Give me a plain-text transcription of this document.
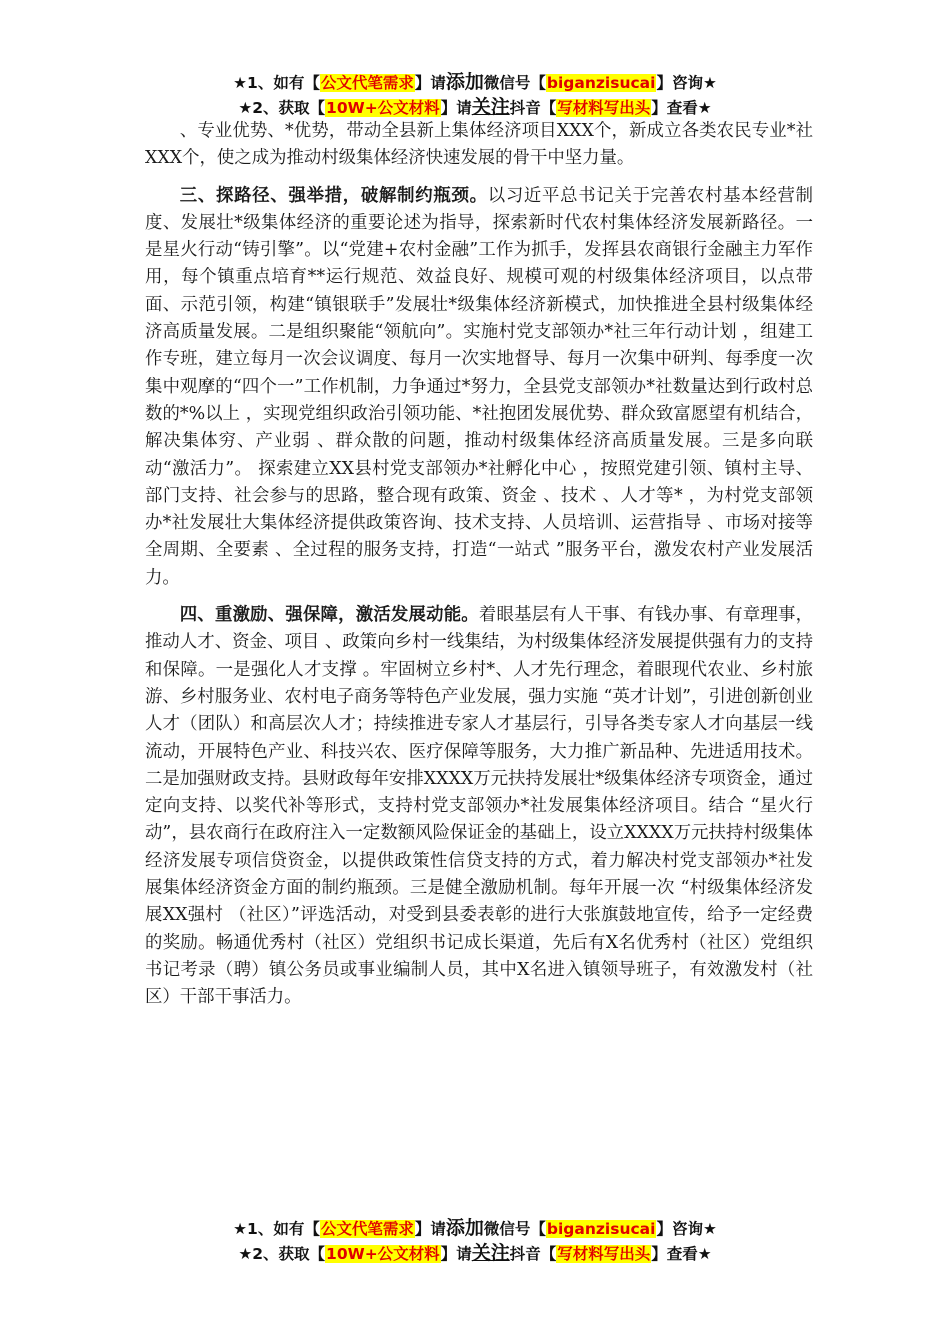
★1、如有【公文代笔需求】请添加微信号【biganzisucai】咨询★
★2、获取【10W+公文材料】请关注抖音【写材料写出头】查看★

、专业优势、*优势，带动全县新上集体经济项目XXX个，新成立各类农民专业*社XXX个，使之成为推动村级集体经济快速发展的骨干中坚力量。

三、探路径、强举措，破解制约瓶颈。以习近平总书记关于完善农村基本经营制度、发展壮*级集体经济的重要论述为指导，探索新时代农村集体经济发展新路径。一是星火行动“铸引擎”。以“党建+农村金融”工作为抓手，发挥县农商银行金融主力军作用，每个镇重点培育**运行规范、效益良好、规模可观的村级集体经济项目，以点带面、示范引领，构建“镇银联手”发展壮*级集体经济新模式，加快推进全县村级集体经济高质量发展。二是组织聚能“领航向”。实施村党支部领办*社三年行动计划 ，组建工作专班，建立每月一次会议调度、每月一次实地督导、每月一次集中研判、每季度一次集中观摩的“四个一”工作机制，力争通过*努力，全县党支部领办*社数量达到行政村总数的*%以上 ，实现党组织政治引领功能、*社抱团发展优势、群众致富愿望有机结合，解决集体穷、产业弱 、群众散的问题，推动村级集体经济高质量发展。三是多向联动“激活力”。 探索建立XX县村党支部领办*社孵化中心 ，按照党建引领、镇村主导、部门支持、社会参与的思路，整合现有政策、资金 、技术 、人才等* ，为村党支部领办*社发展壮大集体经济提供政策咨询、技术支持、人员培训、运营指导 、市场对接等全周期、全要素 、全过程的服务支持，打造“一站式 ”服务平台，激发农村产业发展活力。

四、重激励、强保障，激活发展动能。着眼基层有人干事、有钱办事、有章理事，推动人才、资金、项目 、政策向乡村一线集结，为村级集体经济发展提供强有力的支持和保障。一是强化人才支撑 。牢固树立乡村*、人才先行理念，着眼现代农业、乡村旅游、乡村服务业、农村电子商务等特色产业发展，强力实施 “英才计划”，引进创新创业人才（团队）和高层次人才；持续推进专家人才基层行，引导各类专家人才向基层一线流动，开展特色产业、科技兴农、医疗保障等服务，大力推广新品种、先进适用技术。二是加强财政支持。县财政每年安排XXXX万元扶持发展壮*级集体经济专项资金，通过定向支持、以奖代补等形式，支持村党支部领办*社发展集体经济项目。结合 “星火行动”，县农商行在政府注入一定数额风险保证金的基础上，设立XXXX万元扶持村级集体经济发展专项信贷资金，以提供政策性信贷支持的方式，着力解决村党支部领办*社发展集体经济资金方面的制约瓶颈。三是健全激励机制。每年开展一次 “村级集体经济发展XX强村 （社区）”评选活动，对受到县委表彰的进行大张旗鼓地宣传，给予一定经费的奖励。畅通优秀村（社区）党组织书记成长渠道，先后有X名优秀村（社区）党组织书记考录（聘）镇公务员或事业编制人员，其中X名进入镇领导班子，有效激发村（社区）干部干事活力。

★1、如有【公文代笔需求】请添加微信号【biganzisucai】咨询★
★2、获取【10W+公文材料】请关注抖音【写材料写出头】查看★
